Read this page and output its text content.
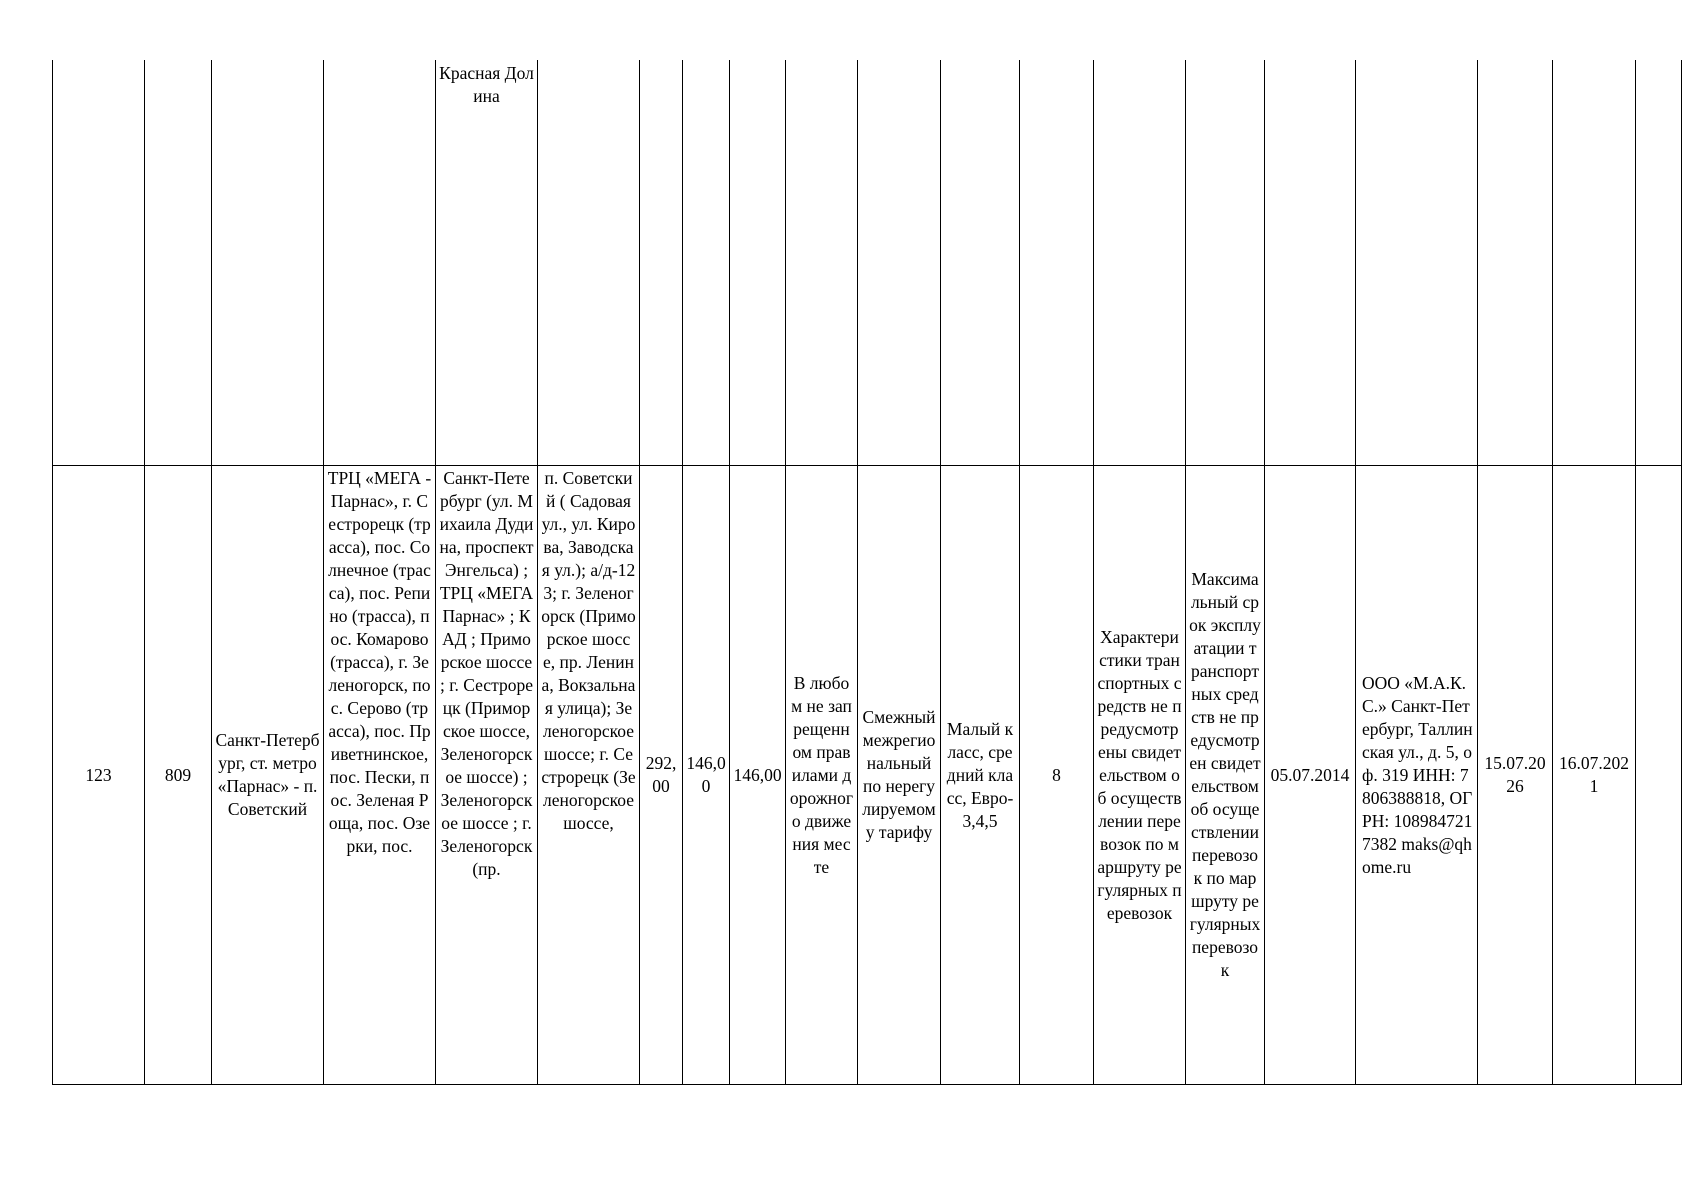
				Красная Долина															

123	809	Санкт-Петербург, ст. метро «Парнас» - п. Советский	ТРЦ «МЕГА - Парнас», г. Сестрорецк (трасса), пос. Солнечное (трасса), пос. Репино (трасса), пос. Комарово (трасса), г. Зеленогорск, пос. Серово (трасса), пос. Приветнинское, пос. Пески, пос. Зеленая Роща, пос. Озерки, пос.	Санкт-Петербург (ул. Михаила Дудина, проспект Энгельса) ; ТРЦ «МЕГА Парнас» ; КАД ; Приморское шоссе ; г. Сестрорецк (Приморское шоссе,Зеленогорское шоссе) ; Зеленогорское шоссе ; г. Зеленогорск (пр.	п. Советский ( Садовая ул., ул. Кирова, Заводская ул.); а/д-123; г. Зеленогорск (Приморское шоссе, пр. Ленина, Вокзальная улица); Зеленогорское шоссе; г. Сестрорецк (Зеленогорское шоссе,	292,00	146,00	146,00	В любом не запрещенном правилами дорожного движения месте	Смежный межрегиональный по нерегулируемому тарифу	Малый класс, средний класс, Евро-3,4,5	8	Характеристики транспортных средств не предусмотрены свидетельством об осуществлении перевозок по маршруту регулярных перевозок	Максимальный срок эксплуатации транспортных средств не предусмотрен свидетельством об осуществлении перевозок по маршруту регулярных перевозок	05.07.2014	ООО «М.А.К.С.» Санкт-Петербург, Таллинская ул., д. 5, оф. 319 ИНН: 7806388818, ОГРН: 1089847217382 maks@qhome.ru	15.07.2026	16.07.2021	
